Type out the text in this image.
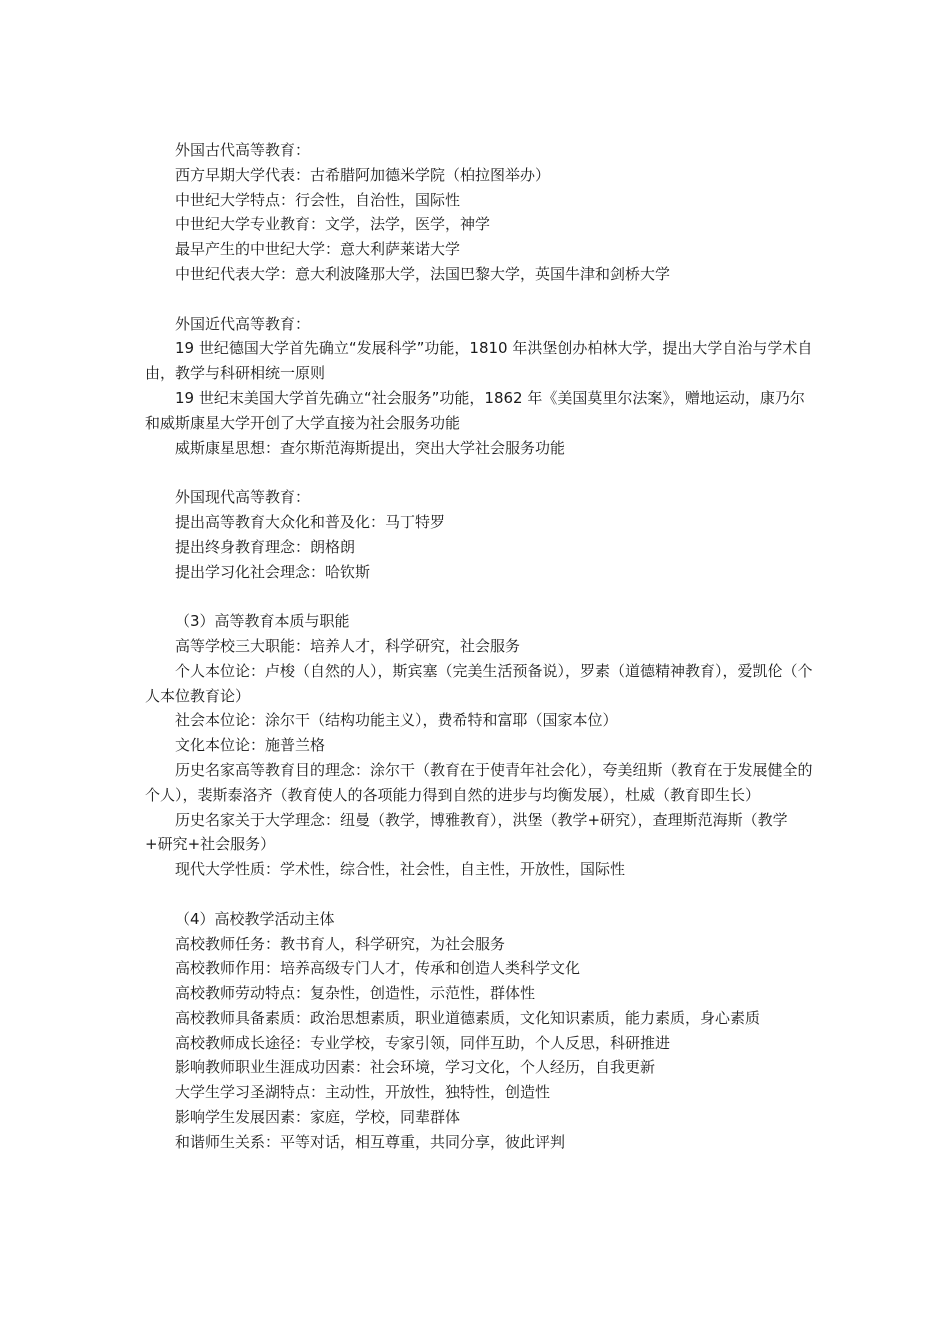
外国古代高等教育：

西方早期大学代表：古希腊阿加德米学院（柏拉图举办）

中世纪大学特点：行会性，自治性，国际性

中世纪大学专业教育：文学，法学，医学，神学

最早产生的中世纪大学：意大利萨莱诺大学

中世纪代表大学：意大利波隆那大学，法国巴黎大学，英国牛津和剑桥大学

外国近代高等教育：

19 世纪德国大学首先确立“发展科学”功能，1810 年洪堡创办柏林大学，提出大学自治与学术自由，教学与科研相统一原则

19 世纪末美国大学首先确立“社会服务”功能，1862 年《美国莫里尔法案》，赠地运动，康乃尔和威斯康星大学开创了大学直接为社会服务功能

威斯康星思想：查尔斯范海斯提出，突出大学社会服务功能

外国现代高等教育：

提出高等教育大众化和普及化：马丁特罗

提出终身教育理念：朗格朗

提出学习化社会理念：哈钦斯

（3）高等教育本质与职能

高等学校三大职能：培养人才，科学研究，社会服务

个人本位论：卢梭（自然的人），斯宾塞（完美生活预备说），罗素（道德精神教育），爱凯伦（个人本位教育论）

社会本位论：涂尔干（结构功能主义），费希特和富耶（国家本位）

文化本位论：施普兰格

历史名家高等教育目的理念：涂尔干（教育在于使青年社会化），夸美纽斯（教育在于发展健全的个人），裴斯泰洛齐（教育使人的各项能力得到自然的进步与均衡发展），杜威（教育即生长）

历史名家关于大学理念：纽曼（教学，博雅教育），洪堡（教学+研究），查理斯范海斯（教学+研究+社会服务）

现代大学性质：学术性，综合性，社会性，自主性，开放性，国际性

（4）高校教学活动主体

高校教师任务：教书育人，科学研究，为社会服务

高校教师作用：培养高级专门人才，传承和创造人类科学文化

高校教师劳动特点：复杂性，创造性，示范性，群体性

高校教师具备素质：政治思想素质，职业道德素质，文化知识素质，能力素质，身心素质

高校教师成长途径：专业学校，专家引领，同伴互助，个人反思，科研推进

影响教师职业生涯成功因素：社会环境，学习文化，个人经历，自我更新

大学生学习圣湖特点：主动性，开放性，独特性，创造性

影响学生发展因素：家庭，学校，同辈群体

和谐师生关系：平等对话，相互尊重，共同分享，彼此评判
